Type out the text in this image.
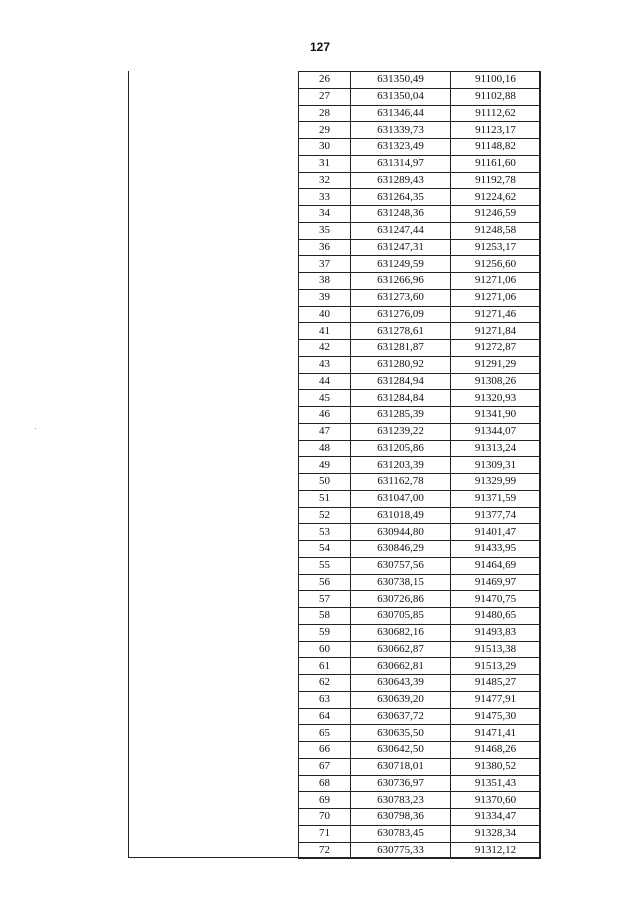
127
26	631350,49	91100,16
27	631350,04	91102,88
28	631346,44	91112,62
29	631339,73	91123,17
30	631323,49	91148,82
31	631314,97	91161,60
32	631289,43	91192,78
33	631264,35	91224,62
34	631248,36	91246,59
35	631247,44	91248,58
36	631247,31	91253,17
37	631249,59	91256,60
38	631266,96	91271,06
39	631273,60	91271,06
40	631276,09	91271,46
41	631278,61	91271,84
42	631281,87	91272,87
43	631280,92	91291,29
44	631284,94	91308,26
45	631284,84	91320,93
46	631285,39	91341,90
47	631239,22	91344,07
48	631205,86	91313,24
49	631203,39	91309,31
50	631162,78	91329,99
51	631047,00	91371,59
52	631018,49	91377,74
53	630944,80	91401,47
54	630846,29	91433,95
55	630757,56	91464,69
56	630738,15	91469,97
57	630726,86	91470,75
58	630705,85	91480,65
59	630682,16	91493,83
60	630662,87	91513,38
61	630662,81	91513,29
62	630643,39	91485,27
63	630639,20	91477,91
64	630637,72	91475,30
65	630635,50	91471,41
66	630642,50	91468,26
67	630718,01	91380,52
68	630736,97	91351,43
69	630783,23	91370,60
70	630798,36	91334,47
71	630783,45	91328,34
72	630775,33	91312,12
